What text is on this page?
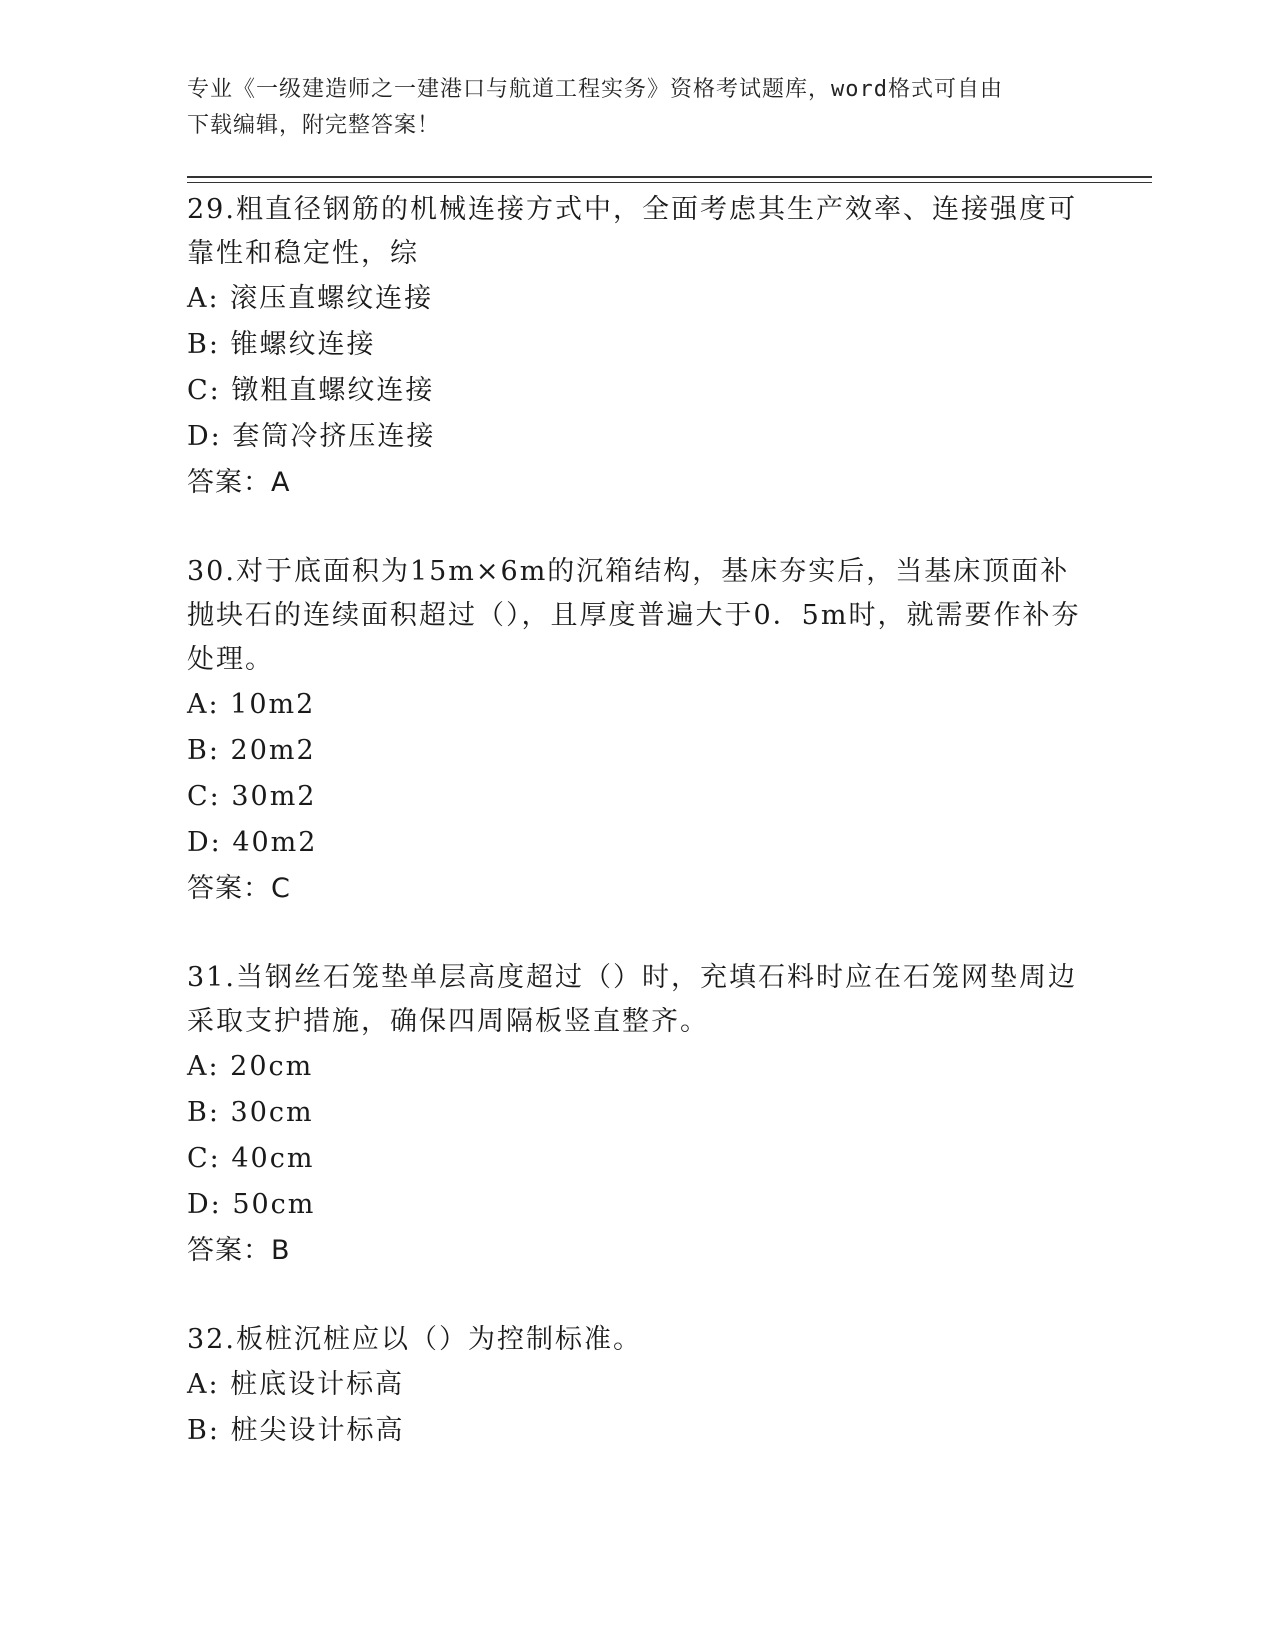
专业《一级建造师之一建港口与航道工程实务》资格考试题库，word格式可自由
下载编辑，附完整答案！

29.粗直径钢筋的机械连接方式中，全面考虑其生产效率、连接强度可靠性和稳定性，综

A: 滚压直螺纹连接

B: 锥螺纹连接

C: 镦粗直螺纹连接

D: 套筒冷挤压连接

答案：A

30.对于底面积为15m×6m的沉箱结构，基床夯实后，当基床顶面补抛块石的连续面积超过（），且厚度普遍大于0．5m时，就需要作补夯处理。

A: 10m2

B: 20m2

C: 30m2

D: 40m2

答案：C

31.当钢丝石笼垫单层高度超过（）时，充填石料时应在石笼网垫周边采取支护措施，确保四周隔板竖直整齐。

A: 20cm

B: 30cm

C: 40cm

D: 50cm

答案：B

32.板桩沉桩应以（）为控制标准。

A: 桩底设计标高

B: 桩尖设计标高
